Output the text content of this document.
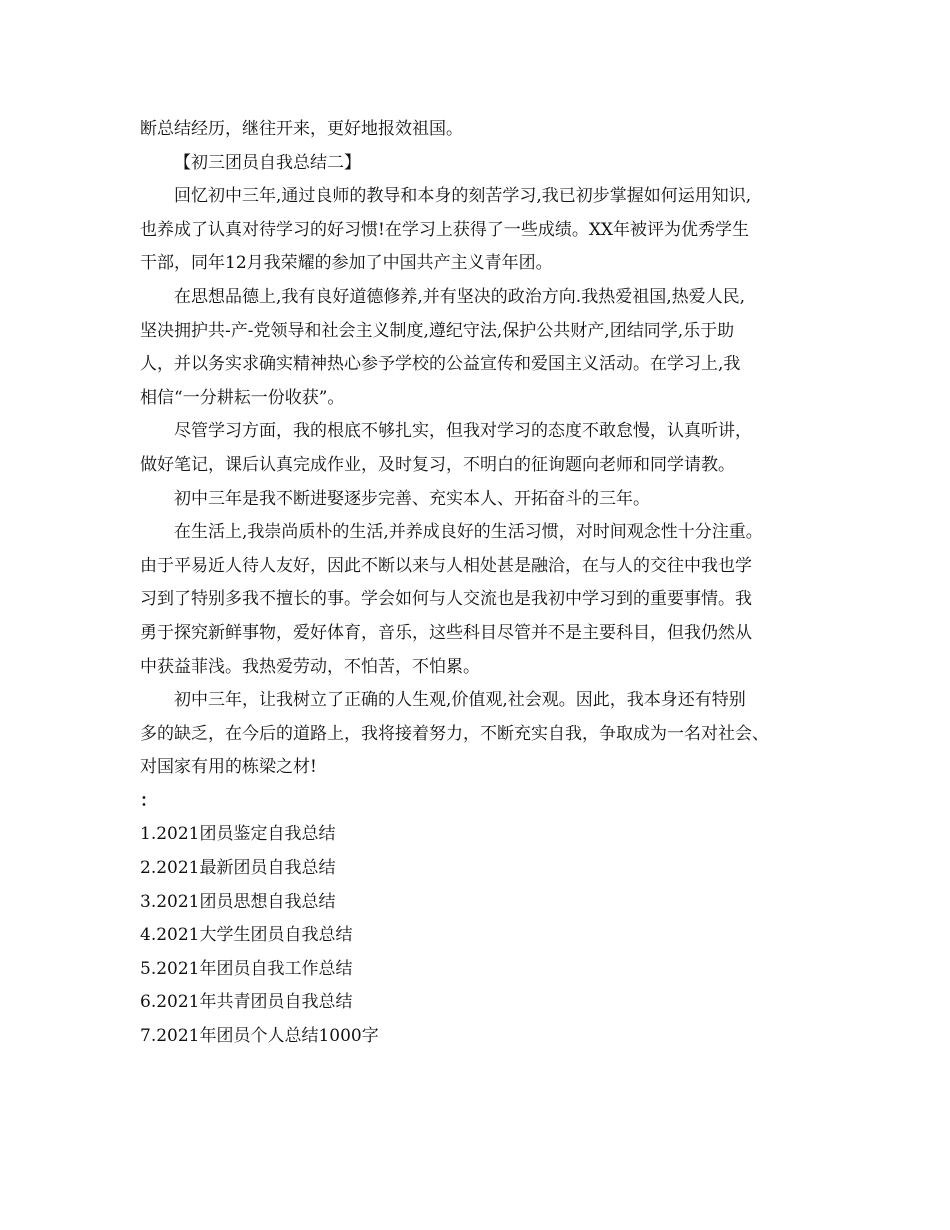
断总结经历，继往开来，更好地报效祖国。
【初三团员自我总结二】
回忆初中三年,通过良师的教导和本身的刻苦学习,我已初步掌握如何运用知识,
也养成了认真对待学习的好习惯!在学习上获得了一些成绩。XX年被评为优秀学生
干部，同年12月我荣耀的参加了中国共产主义青年团。
在思想品德上,我有良好道德修养,并有坚决的政治方向.我热爱祖国,热爱人民,
坚决拥护共-产-党领导和社会主义制度,遵纪守法,保护公共财产,团结同学,乐于助
人，并以务实求确实精神热心参予学校的公益宣传和爱国主义活动。在学习上,我
相信“一分耕耘一份收获”。
尽管学习方面，我的根底不够扎实，但我对学习的态度不敢怠慢，认真听讲，
做好笔记，课后认真完成作业，及时复习，不明白的征询题向老师和同学请教。
初中三年是我不断进娶逐步完善、充实本人、开拓奋斗的三年。
在生活上,我崇尚质朴的生活,并养成良好的生活习惯，对时间观念性十分注重。
由于平易近人待人友好，因此不断以来与人相处甚是融洽，在与人的交往中我也学
习到了特别多我不擅长的事。学会如何与人交流也是我初中学习到的重要事情。我
勇于探究新鲜事物，爱好体育，音乐，这些科目尽管并不是主要科目，但我仍然从
中获益菲浅。我热爱劳动，不怕苦，不怕累。
初中三年，让我树立了正确的人生观,价值观,社会观。因此，我本身还有特别
多的缺乏，在今后的道路上，我将接着努力，不断充实自我，争取成为一名对社会、
对国家有用的栋梁之材!
：
1.2021团员鉴定自我总结
2.2021最新团员自我总结
3.2021团员思想自我总结
4.2021大学生团员自我总结
5.2021年团员自我工作总结
6.2021年共青团员自我总结
7.2021年团员个人总结1000字
